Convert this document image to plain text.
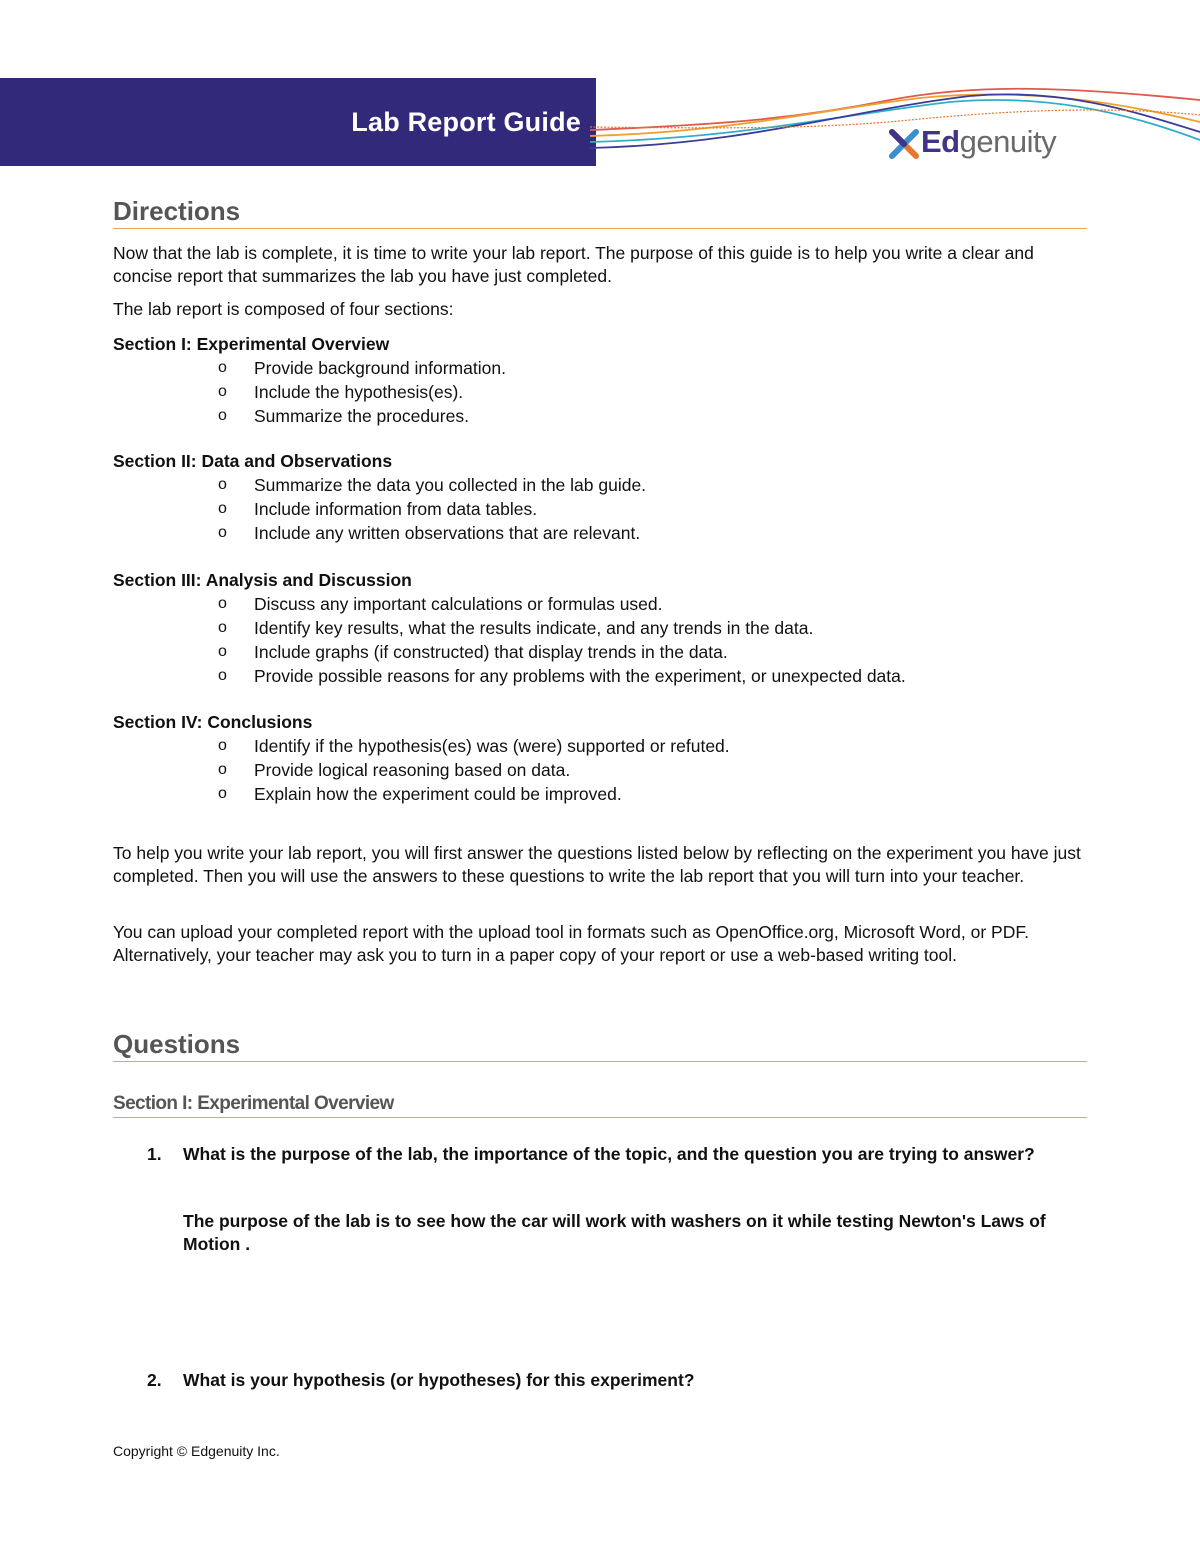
Lab Report Guide
Edgenuity
Directions
Now that the lab is complete, it is time to write your lab report. The purpose of this guide is to help you write a clear and concise report that summarizes the lab you have just completed.
The lab report is composed of four sections:
Section I: Experimental Overview
o Provide background information.
o Include the hypothesis(es).
o Summarize the procedures.
Section II: Data and Observations
o Summarize the data you collected in the lab guide.
o Include information from data tables.
o Include any written observations that are relevant.
Section III: Analysis and Discussion
o Discuss any important calculations or formulas used.
o Identify key results, what the results indicate, and any trends in the data.
o Include graphs (if constructed) that display trends in the data.
o Provide possible reasons for any problems with the experiment, or unexpected data.
Section IV: Conclusions
o Identify if the hypothesis(es) was (were) supported or refuted.
o Provide logical reasoning based on data.
o Explain how the experiment could be improved.
To help you write your lab report, you will first answer the questions listed below by reflecting on the experiment you have just completed. Then you will use the answers to these questions to write the lab report that you will turn into your teacher.
You can upload your completed report with the upload tool in formats such as OpenOffice.org, Microsoft Word, or PDF. Alternatively, your teacher may ask you to turn in a paper copy of your report or use a web-based writing tool.
Questions
Section I: Experimental Overview
1. What is the purpose of the lab, the importance of the topic, and the question you are trying to answer?
The purpose of the lab is to see how the car will work with washers on it while testing Newton's Laws of Motion .
2. What is your hypothesis (or hypotheses) for this experiment?
Copyright © Edgenuity Inc.
